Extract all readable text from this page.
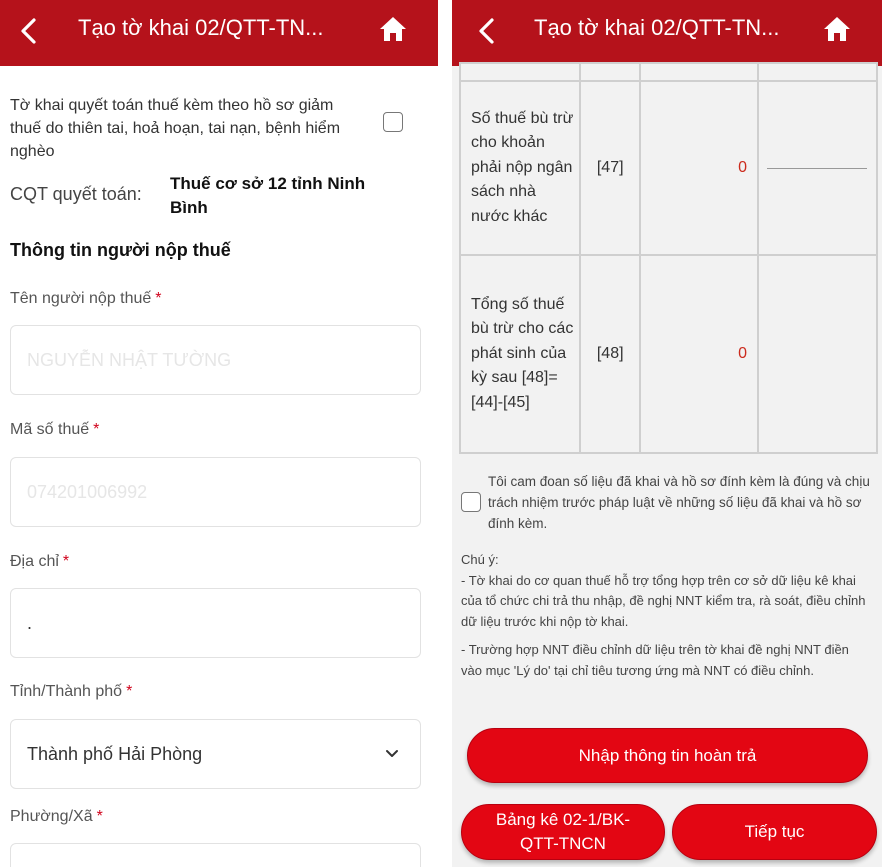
Tạo tờ khai 02/QTT-TN...
Tờ khai quyết toán thuế kèm theo hồ sơ giảm thuế do thiên tai, hoả hoạn, tai nạn, bệnh hiểm nghèo
CQT quyết toán:
Thuế cơ sở 12 tỉnh Ninh Bình
Thông tin người nộp thuế
Tên người nộp thuế *
NGUYỄN NHẬT TƯỜNG
Mã số thuế *
074201006992
Địa chỉ *
.
Tỉnh/Thành phố *
Thành phố Hải Phòng
Phường/Xã *
Tạo tờ khai 02/QTT-TN...

Số thuế bù trừ cho khoản phải nộp ngân sách nhà nước khác	[47]	0	

Tổng số thuế bù trừ cho các phát sinh của kỳ sau [48]=[44]-[45]	[48]	0	
Tôi cam đoan số liệu đã khai và hồ sơ đính kèm là đúng và chịu trách nhiệm trước pháp luật về những số liệu đã khai và hồ sơ đính kèm.

Chú ý:

- Tờ khai do cơ quan thuế hỗ trợ tổng hợp trên cơ sở dữ liệu kê khai của tổ chức chi trả thu nhập, đề nghị NNT kiểm tra, rà soát, điều chỉnh dữ liệu trước khi nộp tờ khai.

- Trường hợp NNT điều chỉnh dữ liệu trên tờ khai đề nghị NNT điền vào mục 'Lý do' tại chỉ tiêu tương ứng mà NNT có điều chỉnh.

Nhập thông tin hoàn trả
Bảng kê 02-1/BK-QTT-TNCN
Tiếp tục
